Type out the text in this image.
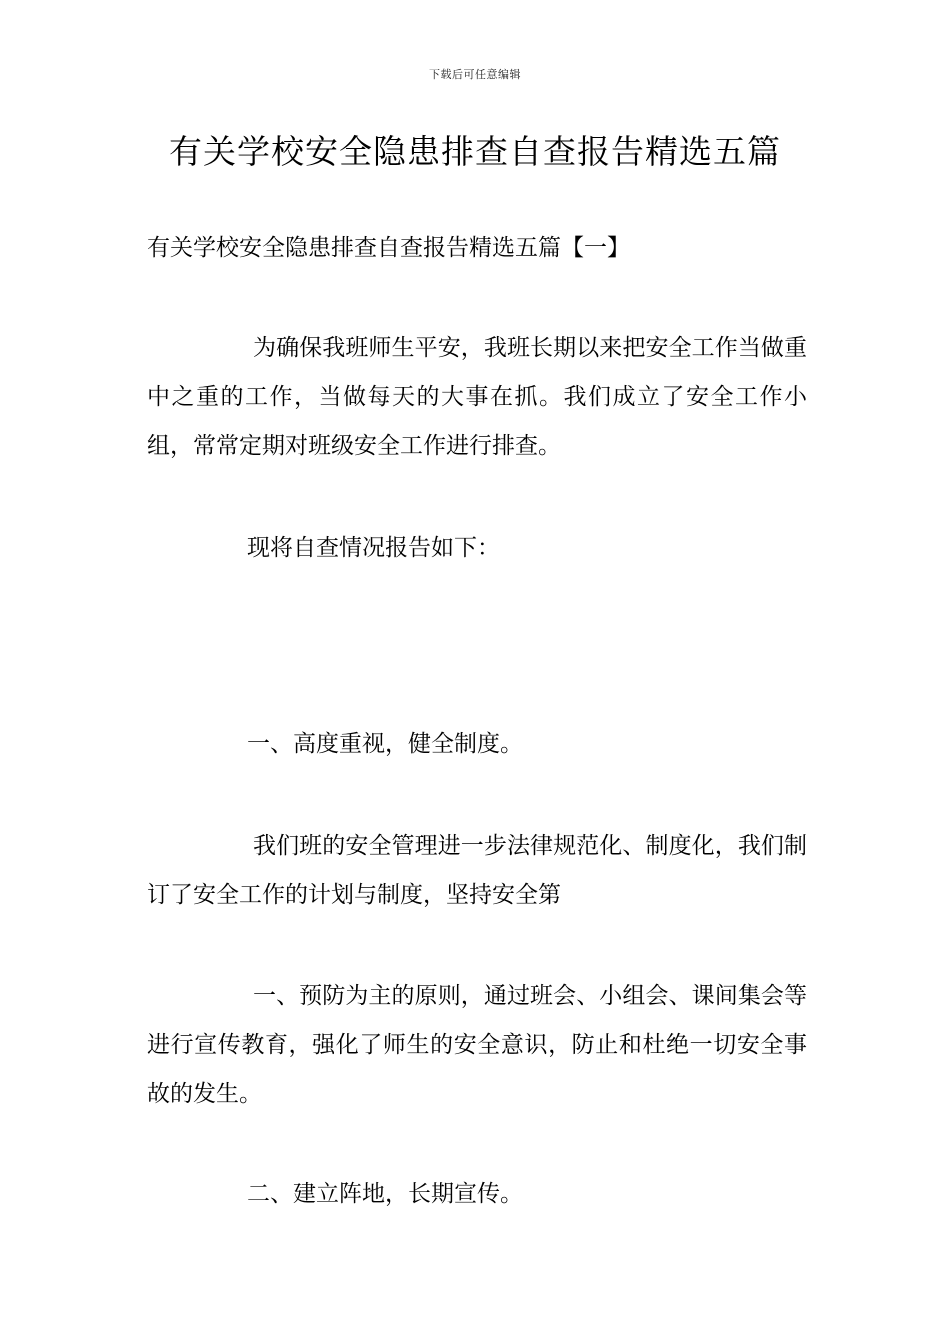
下载后可任意编辑
有关学校安全隐患排查自查报告精选五篇

有关学校安全隐患排查自查报告精选五篇【一】

为确保我班师生平安，我班长期以来把安全工作当做重中之重的工作，当做每天的大事在抓。我们成立了安全工作小组，常常定期对班级安全工作进行排查。

现将自查情况报告如下：

一、高度重视，健全制度。

我们班的安全管理进一步法律规范化、制度化，我们制订了安全工作的计划与制度，坚持安全第

一、预防为主的原则，通过班会、小组会、课间集会等进行宣传教育，强化了师生的安全意识，防止和杜绝一切安全事故的发生。

二、建立阵地，长期宣传。
